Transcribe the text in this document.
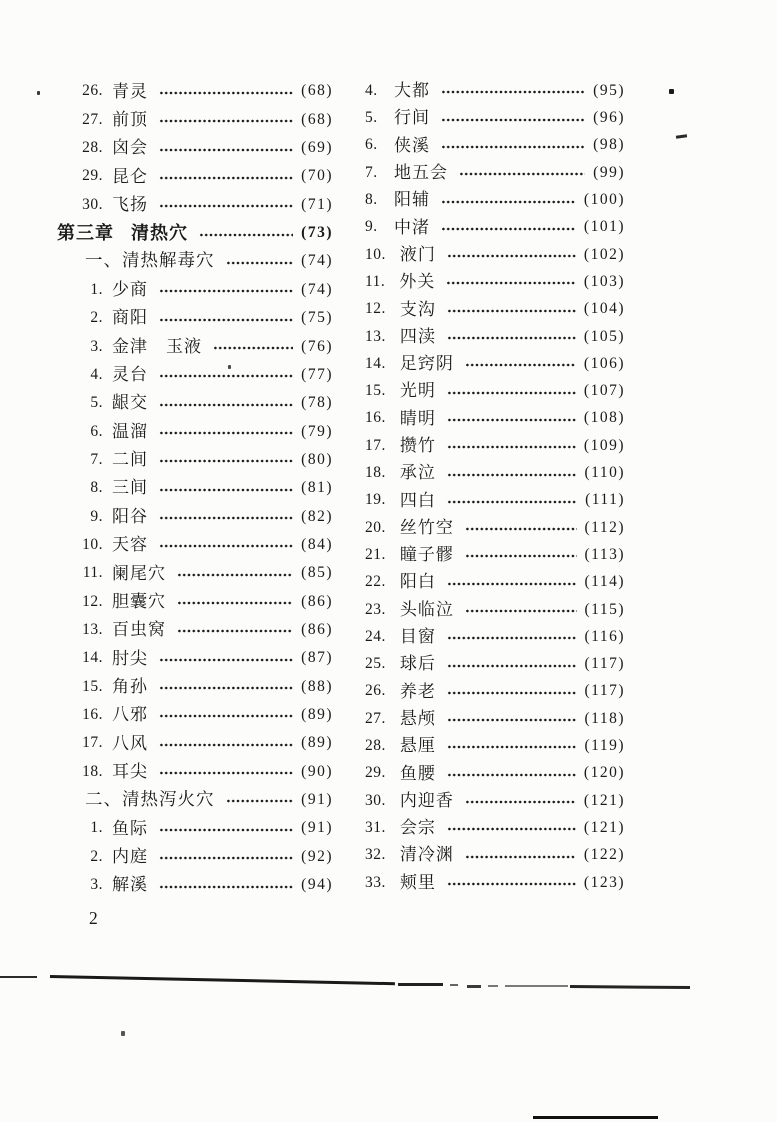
26. 青灵	(68)
27. 前顶	(68)
28. 囟会	(69)
29. 昆仑	(70)
30. 飞扬	(71)
第三章 清热穴	(73)
一、清热解毒穴	(74)
1. 少商	(74)
2. 商阳	(75)
3. 金津　玉液	(76)
4. 灵台	(77)
5. 龈交	(78)
6. 温溜	(79)
7. 二间	(80)
8. 三间	(81)
9. 阳谷	(82)
10. 天容	(84)
11. 阑尾穴	(85)
12. 胆囊穴	(86)
13. 百虫窝	(86)
14. 肘尖	(87)
15. 角孙	(88)
16. 八邪	(89)
17. 八风	(89)
18. 耳尖	(90)
二、清热泻火穴	(91)
1. 鱼际	(91)
2. 内庭	(92)
3. 解溪	(94)
4. 大都	(95)
5. 行间	(96)
6. 侠溪	(98)
7. 地五会	(99)
8. 阳辅	(100)
9. 中渚	(101)
10. 液门	(102)
11. 外关	(103)
12. 支沟	(104)
13. 四渎	(105)
14. 足窍阴	(106)
15. 光明	(107)
16. 睛明	(108)
17. 攒竹	(109)
18. 承泣	(110)
19. 四白	(111)
20. 丝竹空	(112)
21. 瞳子髎	(113)
22. 阳白	(114)
23. 头临泣	(115)
24. 目窗	(116)
25. 球后	(117)
26. 养老	(117)
27. 悬颅	(118)
28. 悬厘	(119)
29. 鱼腰	(120)
30. 内迎香	(121)
31. 会宗	(121)
32. 清冷渊	(122)
33. 颊里	(123)
2
